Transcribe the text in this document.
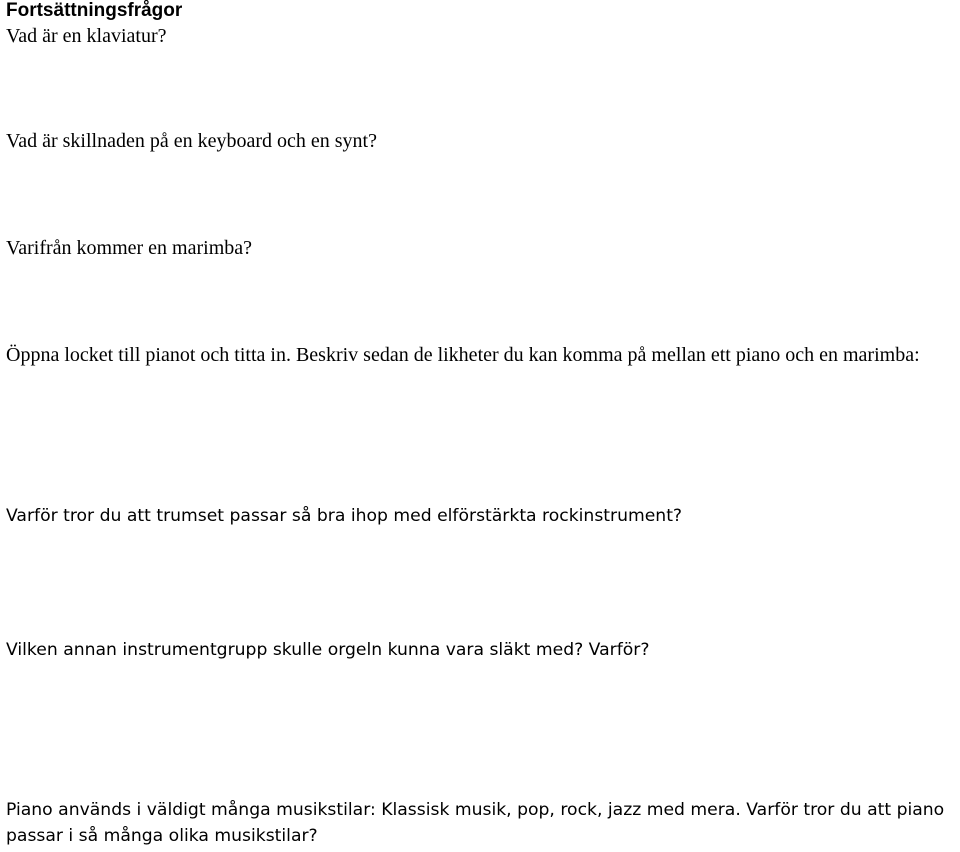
Fortsättningsfrågor

Vad är en klaviatur?

Vad är skillnaden på en keyboard och en synt?

Varifrån kommer en marimba?

Öppna locket till pianot och titta in. Beskriv sedan de likheter du kan komma på mellan ett piano och en marimba:

Varför tror du att trumset passar så bra ihop med elförstärkta rockinstrument?

Vilken annan instrumentgrupp skulle orgeln kunna vara släkt med? Varför?

Piano används i väldigt många musikstilar: Klassisk musik, pop, rock, jazz med mera. Varför tror du att piano passar i så många olika musikstilar?
